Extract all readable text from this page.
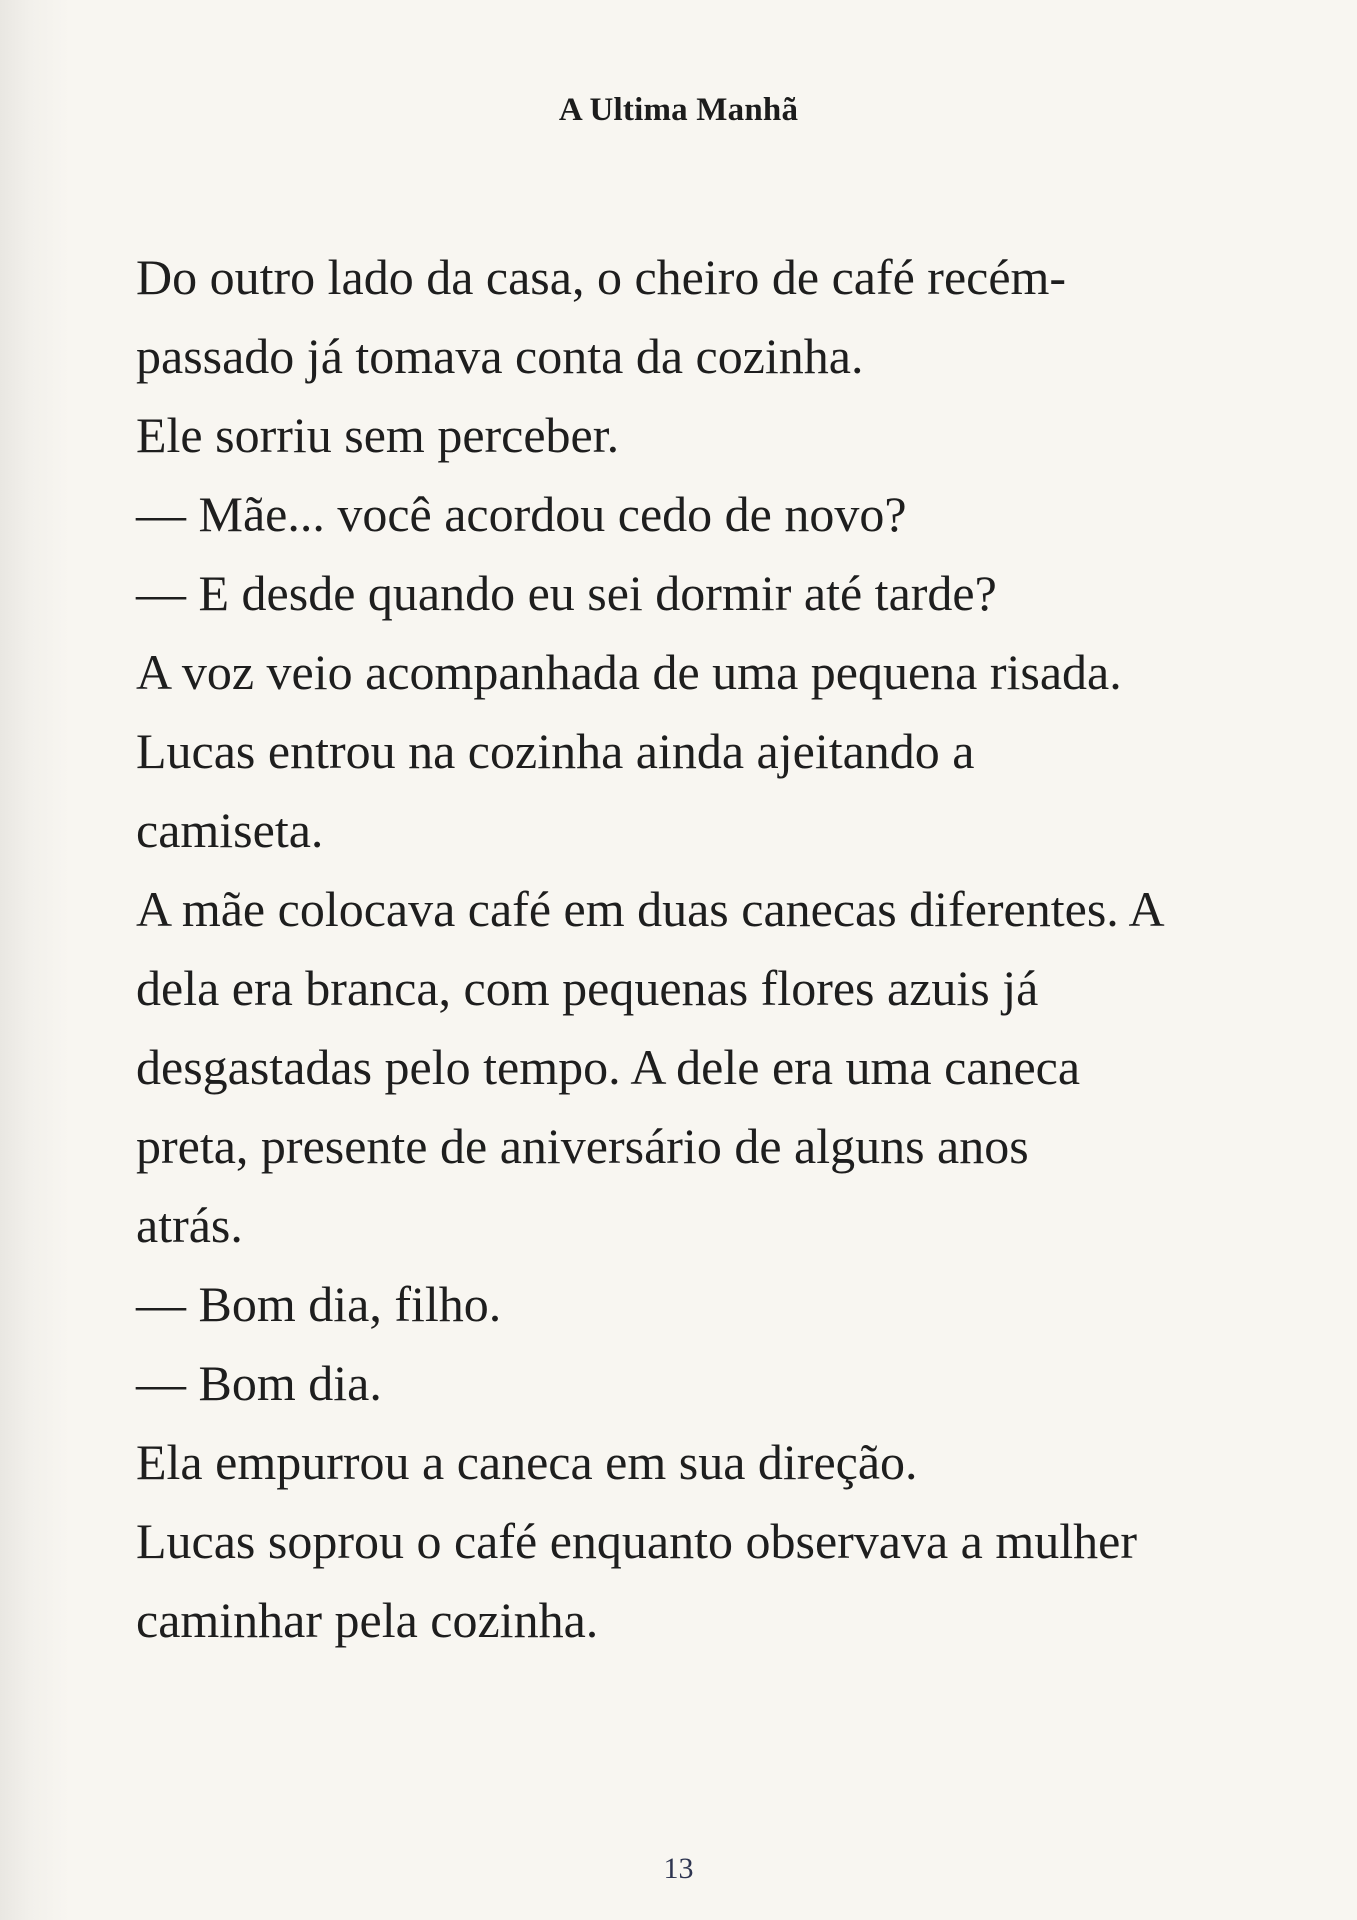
A Ultima Manhã
Do outro lado da casa, o cheiro de café recém-
passado já tomava conta da cozinha.
Ele sorriu sem perceber.
— Mãe... você acordou cedo de novo?
— E desde quando eu sei dormir até tarde?
A voz veio acompanhada de uma pequena risada.
Lucas entrou na cozinha ainda ajeitando a
camiseta.
A mãe colocava café em duas canecas diferentes. A
dela era branca, com pequenas flores azuis já
desgastadas pelo tempo. A dele era uma caneca
preta, presente de aniversário de alguns anos
atrás.
— Bom dia, filho.
— Bom dia.
Ela empurrou a caneca em sua direção.
Lucas soprou o café enquanto observava a mulher
caminhar pela cozinha.
13
